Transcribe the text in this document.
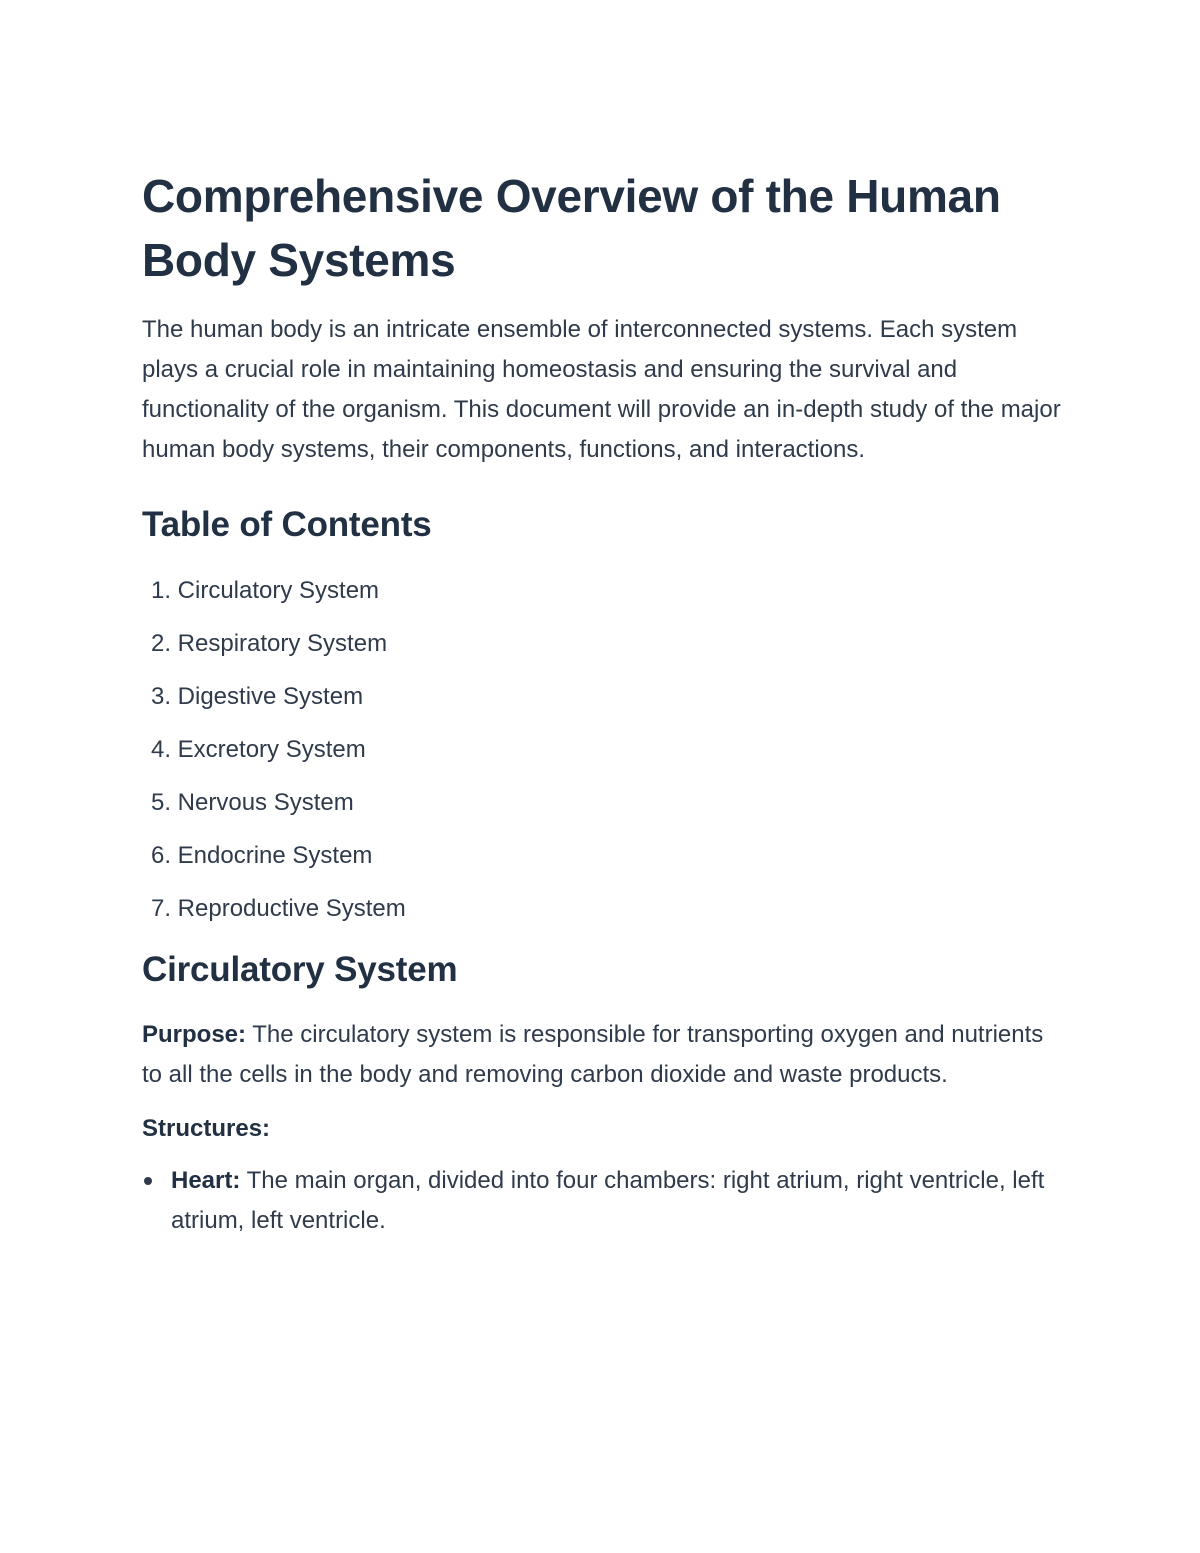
Comprehensive Overview of the Human Body Systems

The human body is an intricate ensemble of interconnected systems. Each system plays a crucial role in maintaining homeostasis and ensuring the survival and functionality of the organism. This document will provide an in-depth study of the major human body systems, their components, functions, and interactions.

Table of Contents
1.
Circulatory System
2.
Respiratory System
3.
Digestive System
4.
Excretory System
5.
Nervous System
6.
Endocrine System
7.
Reproductive System
Circulatory System

Purpose: The circulatory system is responsible for transporting oxygen and nutrients to all the cells in the body and removing carbon dioxide and waste products.

Structures:

Heart: The main organ, divided into four chambers: right atrium, right ventricle, left atrium, left ventricle.
